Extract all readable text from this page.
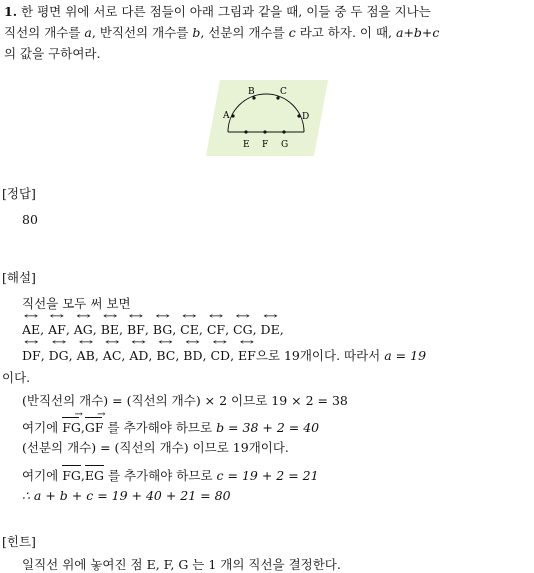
1. 한 평면 위에 서로 다른 점들이 아래 그림과 같을 때, 이들 중 두 점을 지나는
직선의 개수를 a, 반직선의 개수를 b, 선분의 개수를 c 라고 하자. 이 때, a+b+c
의 값을 구하여라.
B	C
A	D
E F G
[정답]
80
[해설]
직선을 모두 써 보면
AE ↔, AF ↔, AG ↔, BE ↔, BF ↔, BG ↔, CE ↔, CF ↔, CG ↔, DE ↔,
DF ↔, DG ↔, AB ↔, AC ↔, AD ↔, BC ↔, BD ↔, CD ↔, EF ↔으로 19개이다. 따라서 a = 19
이다.
(반직선의 개수) = (직선의 개수) × 2 이므로 19 × 2 = 38
여기에 FG →,GF → 를 추가해야 하므로 b = 38 + 2 = 40
(선분의 개수) = (직선의 개수) 이므로 19개이다.
여기에 FG,EG 를 추가해야 하므로 c = 19 + 2 = 21
∴ a + b + c = 19 + 40 + 21 = 80
[힌트]
일직선 위에 놓여진 점 E, F, G 는 1 개의 직선을 결정한다.
